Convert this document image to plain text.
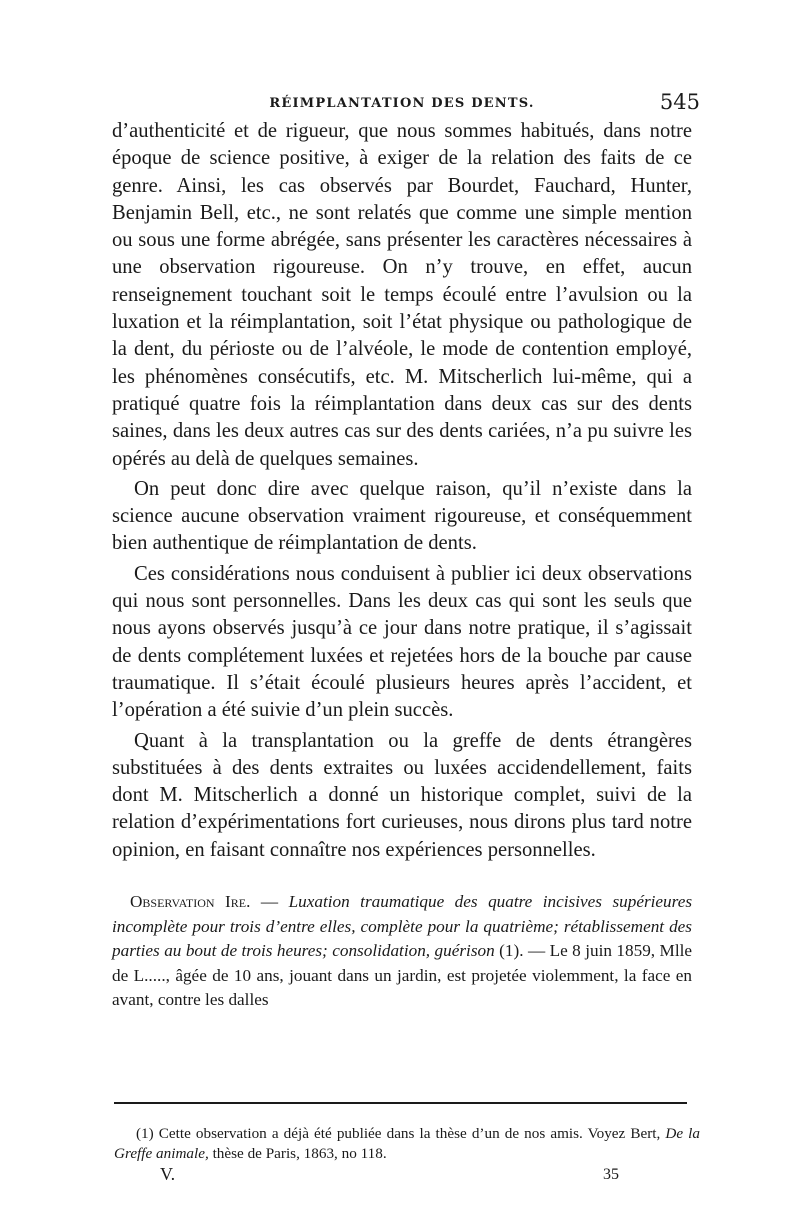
RÉIMPLANTATION DES DENTS.	545

d’authenticité et de rigueur, que nous sommes habitués, dans notre époque de science positive, à exiger de la relation des faits de ce genre. Ainsi, les cas observés par Bourdet, Fauchard, Hunter, Benjamin Bell, etc., ne sont relatés que comme une simple mention ou sous une forme abrégée, sans présenter les caractères nécessaires à une observation rigoureuse. On n’y trouve, en effet, aucun renseignement touchant soit le temps écoulé entre l’avulsion ou la luxation et la réimplantation, soit l’état physique ou pathologique de la dent, du périoste ou de l’alvéole, le mode de contention employé, les phénomènes consécutifs, etc. M. Mitscherlich lui-même, qui a pratiqué quatre fois la réimplantation dans deux cas sur des dents saines, dans les deux autres cas sur des dents cariées, n’a pu suivre les opérés au delà de quelques semaines.

On peut donc dire avec quelque raison, qu’il n’existe dans la science aucune observation vraiment rigoureuse, et conséquemment bien authentique de réimplantation de dents.

Ces considérations nous conduisent à publier ici deux observations qui nous sont personnelles. Dans les deux cas qui sont les seuls que nous ayons observés jusqu’à ce jour dans notre pratique, il s’agissait de dents complétement luxées et rejetées hors de la bouche par cause traumatique. Il s’était écoulé plusieurs heures après l’accident, et l’opération a été suivie d’un plein succès.

Quant à la transplantation ou la greffe de dents étrangères substituées à des dents extraites ou luxées accidendellement, faits dont M. Mitscherlich a donné un historique complet, suivi de la relation d’expérimentations fort curieuses, nous dirons plus tard notre opinion, en faisant connaître nos expériences personnelles.

Observation Ire. — Luxation traumatique des quatre incisives supérieures incomplète pour trois d’entre elles, complète pour la quatrième; rétablissement des parties au bout de trois heures; consolidation, guérison (1). — Le 8 juin 1859, Mlle de L....., âgée de 10 ans, jouant dans un jardin, est projetée violemment, la face en avant, contre les dalles
(1) Cette observation a déjà été publiée dans la thèse d’un de nos amis. Voyez Bert, De la Greffe animale, thèse de Paris, 1863, no 118.
V.	35
